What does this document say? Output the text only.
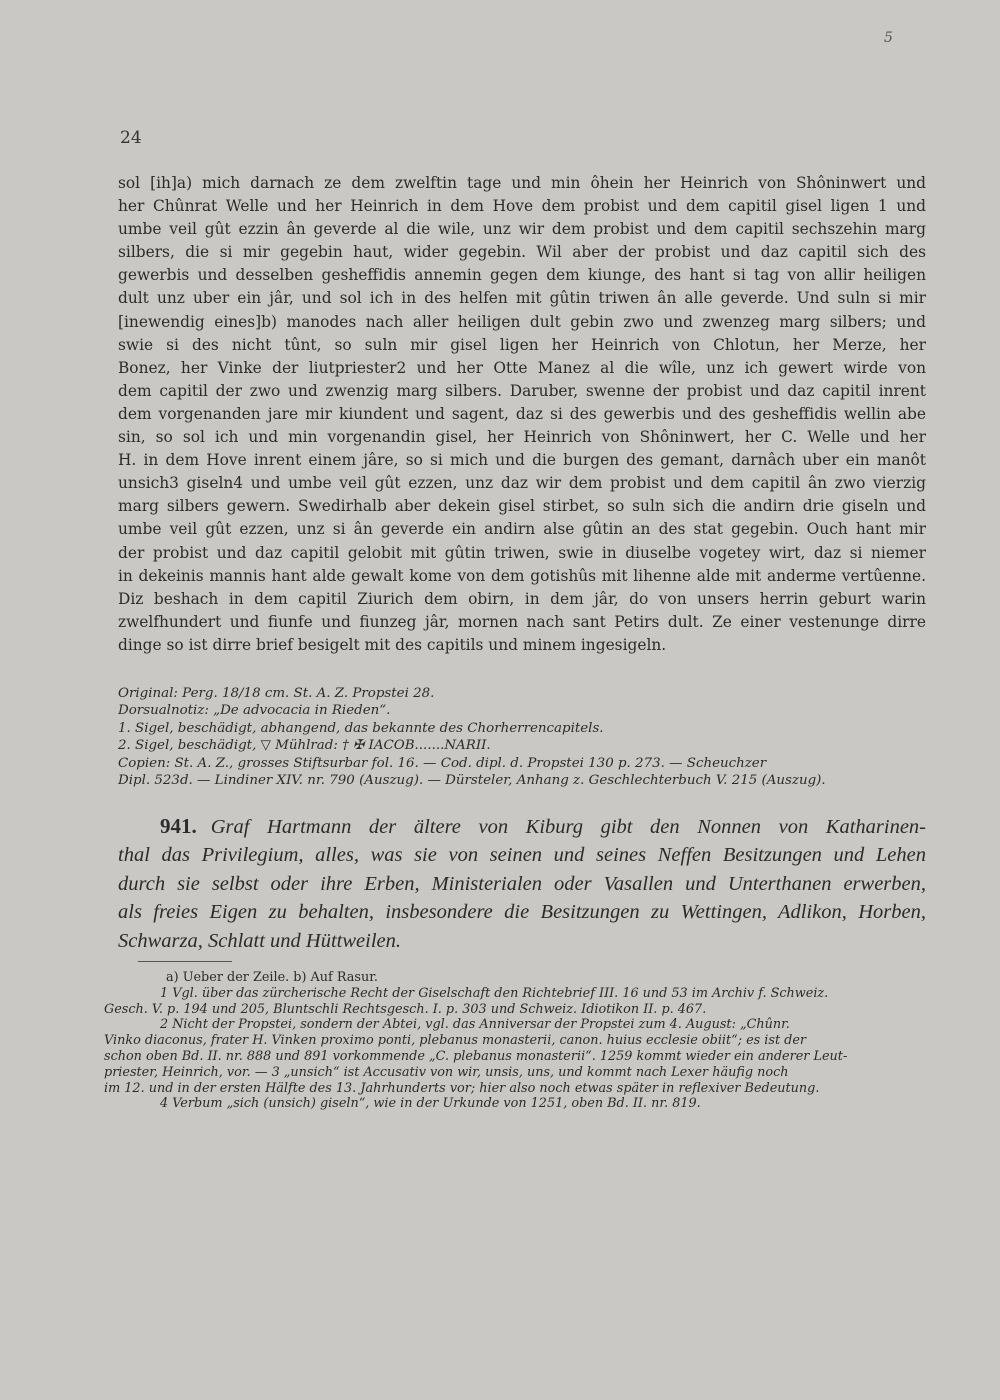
5
24
sol [ih]a) mich darnach ze dem zwelftin tage und min ôhein her Heinrich von Shôninwert und
her Chûnrat Welle und her Heinrich in dem Hove dem probist und dem capitil gisel ligen 1 und
umbe veil gût ezzin ân geverde al die wile, unz wir dem probist und dem capitil sechszehin marg
silbers, die si mir gegebin haut, wider gegebin. Wil aber der probist und daz capitil sich des
gewerbis und desselben gesheffidis annemin gegen dem kiunge, des hant si tag von allir heiligen
dult unz uber ein jâr, und sol ich in des helfen mit gûtin triwen ân alle geverde. Und suln si mir
[inewendig eines]b) manodes nach aller heiligen dult gebin zwo und zwenzeg marg silbers; und
swie si des nicht tûnt, so suln mir gisel ligen her Heinrich von Chlotun, her Merze, her
Bonez, her Vinke der liutpriester2 und her Otte Manez al die wîle, unz ich gewert wirde von
dem capitil der zwo und zwenzig marg silbers. Daruber, swenne der probist und daz capitil inrent
dem vorgenanden jare mir kiundent und sagent, daz si des gewerbis und des gesheffidis wellin abe
sin, so sol ich und min vorgenandin gisel, her Heinrich von Shôninwert, her C. Welle und her
H. in dem Hove inrent einem jâre, so si mich und die burgen des gemant, darnâch uber ein manôt
unsich3 giseln4 und umbe veil gût ezzen, unz daz wir dem probist und dem capitil ân zwo vierzig
marg silbers gewern. Swedirhalb aber dekein gisel stirbet, so suln sich die andirn drie giseln und
umbe veil gût ezzen, unz si ân geverde ein andirn alse gûtin an des stat gegebin. Ouch hant mir
der probist und daz capitil gelobit mit gûtin triwen, swie in diuselbe vogetey wirt, daz si niemer
in dekeinis mannis hant alde gewalt kome von dem gotishûs mit lihenne alde mit anderme vertûenne.
Diz beshach in dem capitil Ziurich dem obirn, in dem jâr, do von unsers herrin geburt warin
zwelfhundert und fiunfe und fiunzeg jâr, mornen nach sant Petirs dult. Ze einer vestenunge dirre
dinge so ist dirre brief besigelt mit des capitils und minem ingesigeln.
Original: Perg. 18/18 cm. St. A. Z. Propstei 28.
Dorsualnotiz: „De advocacia in Rieden“.
1. Sigel, beschädigt, abhangend, das bekannte des Chorherrencapitels.
2. Sigel, beschädigt, ▽ Mühlrad: † ✠ IACOB.......NARII.
Copien: St. A. Z., grosses Stiftsurbar fol. 16. — Cod. dipl. d. Propstei 130 p. 273. — Scheuchzer
Dipl. 523d. — Lindiner XIV. nr. 790 (Auszug). — Dürsteler, Anhang z. Geschlechterbuch V. 215 (Auszug).
941. Graf Hartmann der ältere von Kiburg gibt den Nonnen von Katharinen-
thal das Privilegium, alles, was sie von seinen und seines Neffen Besitzungen und Lehen
durch sie selbst oder ihre Erben, Ministerialen oder Vasallen und Unterthanen erwerben,
als freies Eigen zu behalten, insbesondere die Besitzungen zu Wettingen, Adlikon, Horben,
Schwarza, Schlatt und Hüttweilen.
a) Ueber der Zeile. b) Auf Rasur.
1 Vgl. über das zürcherische Recht der Giselschaft den Richtebrief III. 16 und 53 im Archiv f. Schweiz.
Gesch. V. p. 194 und 205, Bluntschli Rechtsgesch. I. p. 303 und Schweiz. Idiotikon II. p. 467.
2 Nicht der Propstei, sondern der Abtei, vgl. das Anniversar der Propstei zum 4. August: „Chûnr.
Vinko diaconus, frater H. Vinken proximo ponti, plebanus monasterii, canon. huius ecclesie obiit“; es ist der
schon oben Bd. II. nr. 888 und 891 vorkommende „C. plebanus monasterii“. 1259 kommt wieder ein anderer Leut-
priester, Heinrich, vor. — 3 „unsich“ ist Accusativ von wir, unsis, uns, und kommt nach Lexer häufig noch
im 12. und in der ersten Hälfte des 13. Jahrhunderts vor; hier also noch etwas später in reflexiver Bedeutung.
4 Verbum „sich (unsich) giseln“, wie in der Urkunde von 1251, oben Bd. II. nr. 819.
